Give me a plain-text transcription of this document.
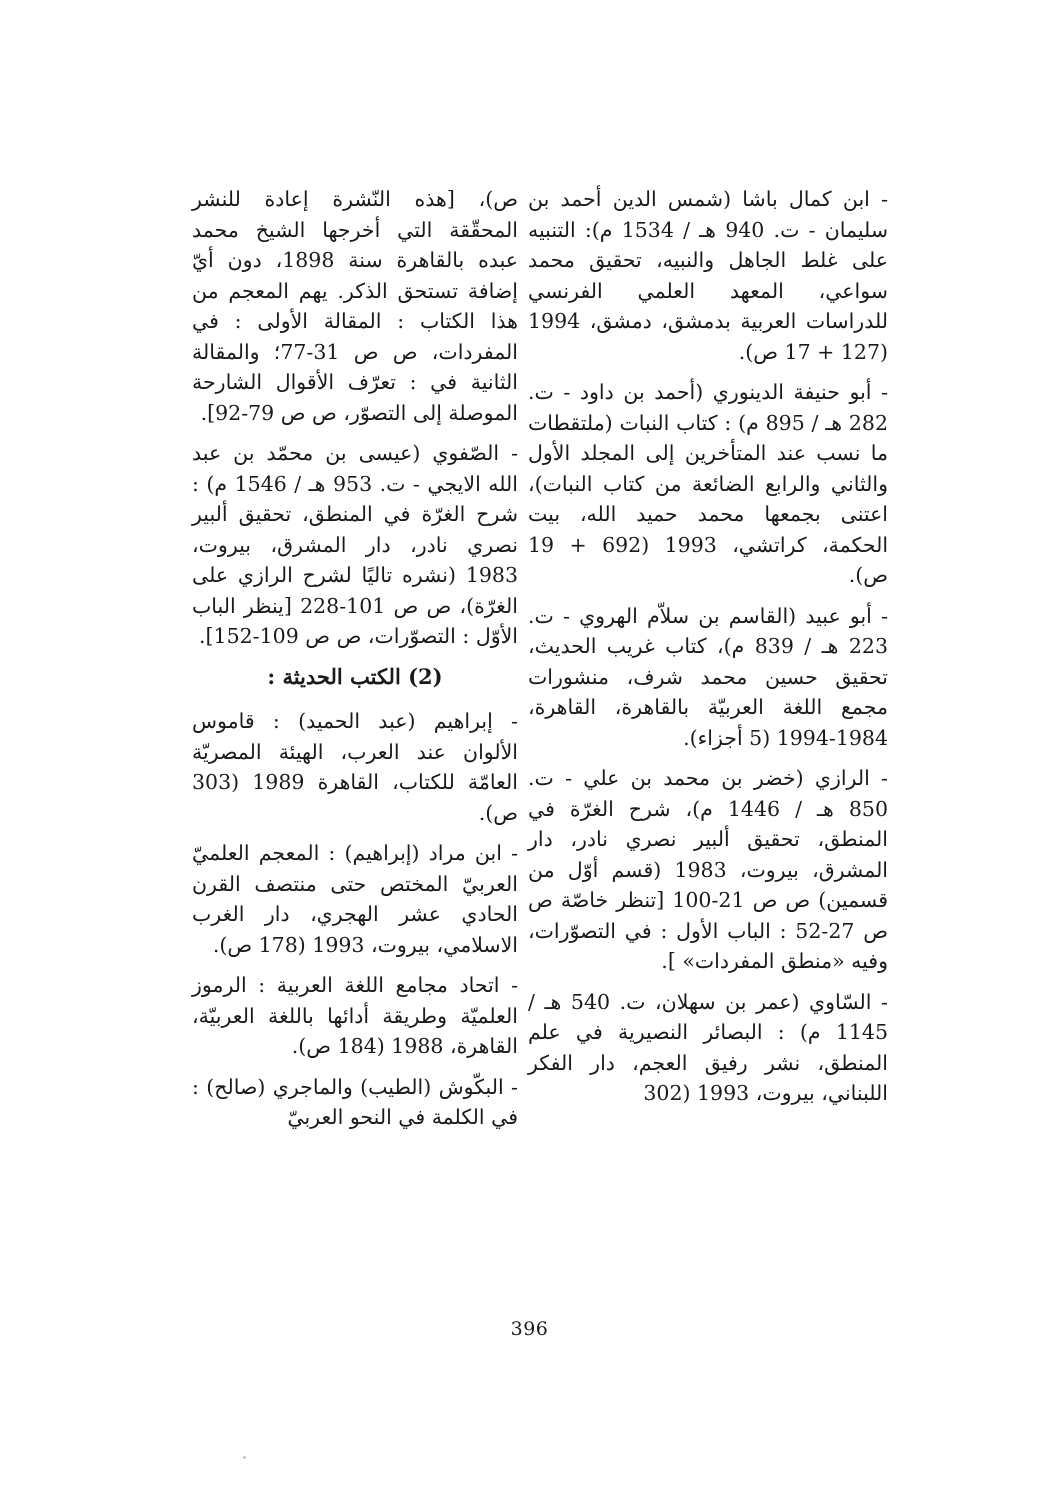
- ابن كمال باشا (شمس الدين أحمد بن سليمان - ت. 940 هـ / 1534 م): التنبيه على غلط الجاهل والنبيه، تحقيق محمد سواعي، المعهد العلمي الفرنسي للدراسات العربية بدمشق، دمشق، 1994 (127 + 17 ص).

- أبو حنيفة الدينوري (أحمد بن داود - ت. 282 هـ / 895 م) : كتاب النبات (ملتقطات ما نسب عند المتأخرين إلى المجلد الأول والثاني والرابع الضائعة من كتاب النبات)، اعتنى بجمعها محمد حميد الله، بيت الحكمة، كراتشي، 1993 (692 + 19 ص).

- أبو عبيد (القاسم بن سلاّم الهروي - ت. 223 هـ / 839 م)، كتاب غريب الحديث، تحقيق حسين محمد شرف، منشورات مجمع اللغة العربيّة بالقاهرة، القاهرة، 1984-1994 (5 أجزاء).

- الرازي (خضر بن محمد بن علي - ت. 850 هـ / 1446 م)، شرح الغرّة في المنطق، تحقيق ألبير نصري نادر، دار المشرق، بيروت، 1983 (قسم أوّل من قسمين) ص ص 21-100 [تنظر خاصّة ص ص 27-52 : الباب الأول : في التصوّرات، وفيه «منطق المفردات» ].

- السّاوي (عمر بن سهلان، ت. 540 هـ / 1145 م) : البصائر النصيرية في علم المنطق، نشر رفيق العجم، دار الفكر اللبناني، بيروت، 1993 (302

ص)، [هذه النّشرة إعادة للنشر المحقّقة التي أخرجها الشيخ محمد عبده بالقاهرة سنة 1898، دون أيّ إضافة تستحق الذكر. يهم المعجم من هذا الكتاب : المقالة الأولى : في المفردات، ص ص 31-77؛ والمقالة الثانية في : تعرّف الأقوال الشارحة الموصلة إلى التصوّر، ص ص 79-92].

- الصّفوي (عيسى بن محمّد بن عبد الله الايجي - ت. 953 هـ / 1546 م) : شرح الغرّة في المنطق، تحقيق ألبير نصري نادر، دار المشرق، بيروت، 1983 (نشره تاليًا لشرح الرازي على الغرّة)، ص ص 101-228 [ينظر الباب الأوّل : التصوّرات، ص ص 109-152].

(2) الكتب الحديثة :

- إبراهيم (عبد الحميد) : قاموس الألوان عند العرب، الهيئة المصريّة العامّة للكتاب، القاهرة 1989 (303 ص).

- ابن مراد (إبراهيم) : المعجم العلميّ العربيّ المختص حتى منتصف القرن الحادي عشر الهجري، دار الغرب الاسلامي، بيروت، 1993 (178 ص).

- اتحاد مجامع اللغة العربية : الرموز العلميّة وطريقة أدائها باللغة العربيّة، القاهرة، 1988 (184 ص).

- البكّوش (الطيب) والماجري (صالح) : في الكلمة في النحو العربيّ

396
